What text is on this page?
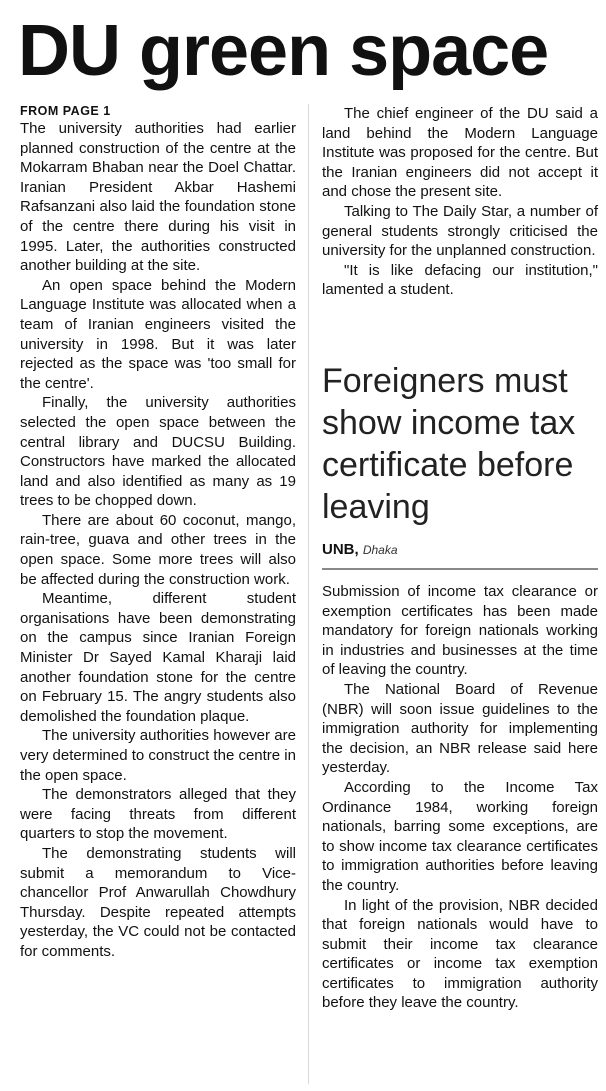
DU green space

FROM PAGE 1

The university authorities had earlier planned construction of the centre at the Mokarram Bhaban near the Doel Chattar. Iranian President Akbar Hashemi Rafsanzani also laid the foundation stone of the centre there during his visit in 1995. Later, the authorities constructed another building at the site.

An open space behind the Modern Language Institute was allocated when a team of Iranian engineers visited the university in 1998. But it was later rejected as the space was 'too small for the centre'.

Finally, the university authorities selected the open space between the central library and DUCSU Building. Constructors have marked the allocated land and also identified as many as 19 trees to be chopped down.

There are about 60 coconut, mango, rain-tree, guava and other trees in the open space. Some more trees will also be affected during the construction work.

Meantime, different student organisations have been demonstrating on the campus since Iranian Foreign Minister Dr Sayed Kamal Kharaji laid another foundation stone for the centre on February 15. The angry students also demolished the foundation plaque.

The university authorities however are very determined to construct the centre in the open space.

The demonstrators alleged that they were facing threats from different quarters to stop the movement.

The demonstrating students will submit a memorandum to Vice-chancellor Prof Anwarullah Chowdhury Thursday. Despite repeated attempts yesterday, the VC could not be contacted for comments.

The chief engineer of the DU said a land behind the Modern Language Institute was proposed for the centre. But the Iranian engineers did not accept it and chose the present site.

Talking to The Daily Star, a number of general students strongly criticised the university for the unplanned construction.

"It is like defacing our institution," lamented a student.

Foreigners must show income tax certificate before leaving
UNB, Dhaka

Submission of income tax clearance or exemption certificates has been made mandatory for foreign nationals working in industries and businesses at the time of leaving the country.

The National Board of Revenue (NBR) will soon issue guidelines to the immigration authority for implementing the decision, an NBR release said here yesterday.

According to the Income Tax Ordinance 1984, working foreign nationals, barring some exceptions, are to show income tax clearance certificates to immigration authorities before leaving the country.

In light of the provision, NBR decided that foreign nationals would have to submit their income tax clearance certificates or income tax exemption certificates to immigration authority before they leave the country.
